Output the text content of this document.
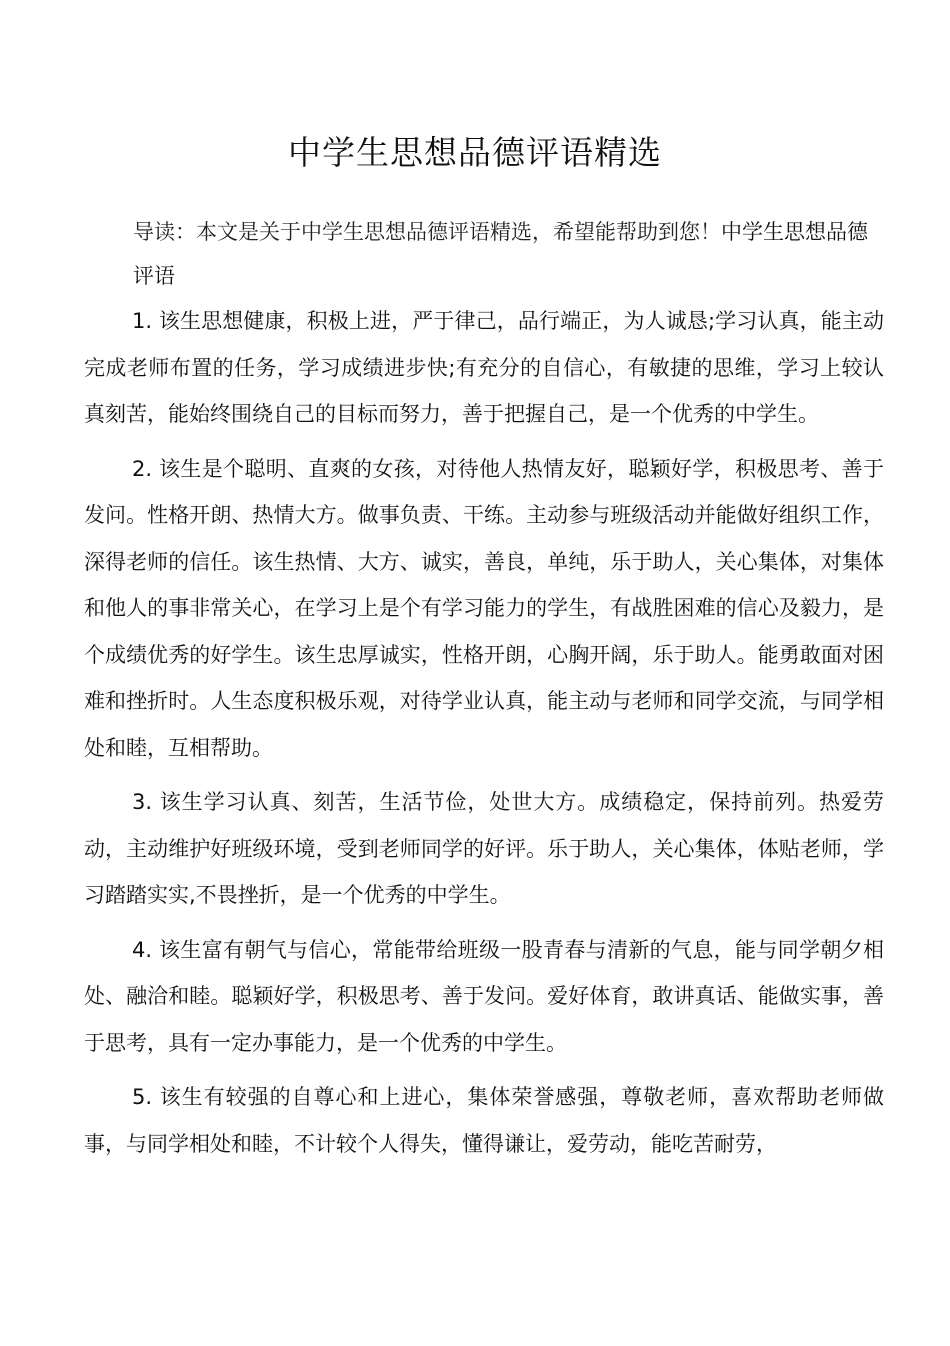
中学生思想品德评语精选

导读：本文是关于中学生思想品德评语精选，希望能帮助到您！中学生思想品德评语

1. 该生思想健康，积极上进，严于律己，品行端正，为人诚恳;学习认真，能主动完成老师布置的任务，学习成绩进步快;有充分的自信心，有敏捷的思维，学习上较认真刻苦，能始终围绕自己的目标而努力，善于把握自己，是一个优秀的中学生。

2. 该生是个聪明、直爽的女孩，对待他人热情友好，聪颖好学，积极思考、善于发问。性格开朗、热情大方。做事负责、干练。主动参与班级活动并能做好组织工作，深得老师的信任。该生热情、大方、诚实，善良，单纯，乐于助人，关心集体，对集体和他人的事非常关心，在学习上是个有学习能力的学生，有战胜困难的信心及毅力，是个成绩优秀的好学生。该生忠厚诚实，性格开朗，心胸开阔，乐于助人。能勇敢面对困难和挫折时。人生态度积极乐观，对待学业认真，能主动与老师和同学交流，与同学相处和睦，互相帮助。

3. 该生学习认真、刻苦，生活节俭，处世大方。成绩稳定，保持前列。热爱劳动，主动维护好班级环境，受到老师同学的好评。乐于助人，关心集体，体贴老师，学习踏踏实实,不畏挫折，是一个优秀的中学生。

4. 该生富有朝气与信心，常能带给班级一股青春与清新的气息，能与同学朝夕相处、融洽和睦。聪颖好学，积极思考、善于发问。爱好体育，敢讲真话、能做实事，善于思考，具有一定办事能力，是一个优秀的中学生。

5. 该生有较强的自尊心和上进心，集体荣誉感强，尊敬老师，喜欢帮助老师做事，与同学相处和睦，不计较个人得失，懂得谦让，爱劳动，能吃苦耐劳，
